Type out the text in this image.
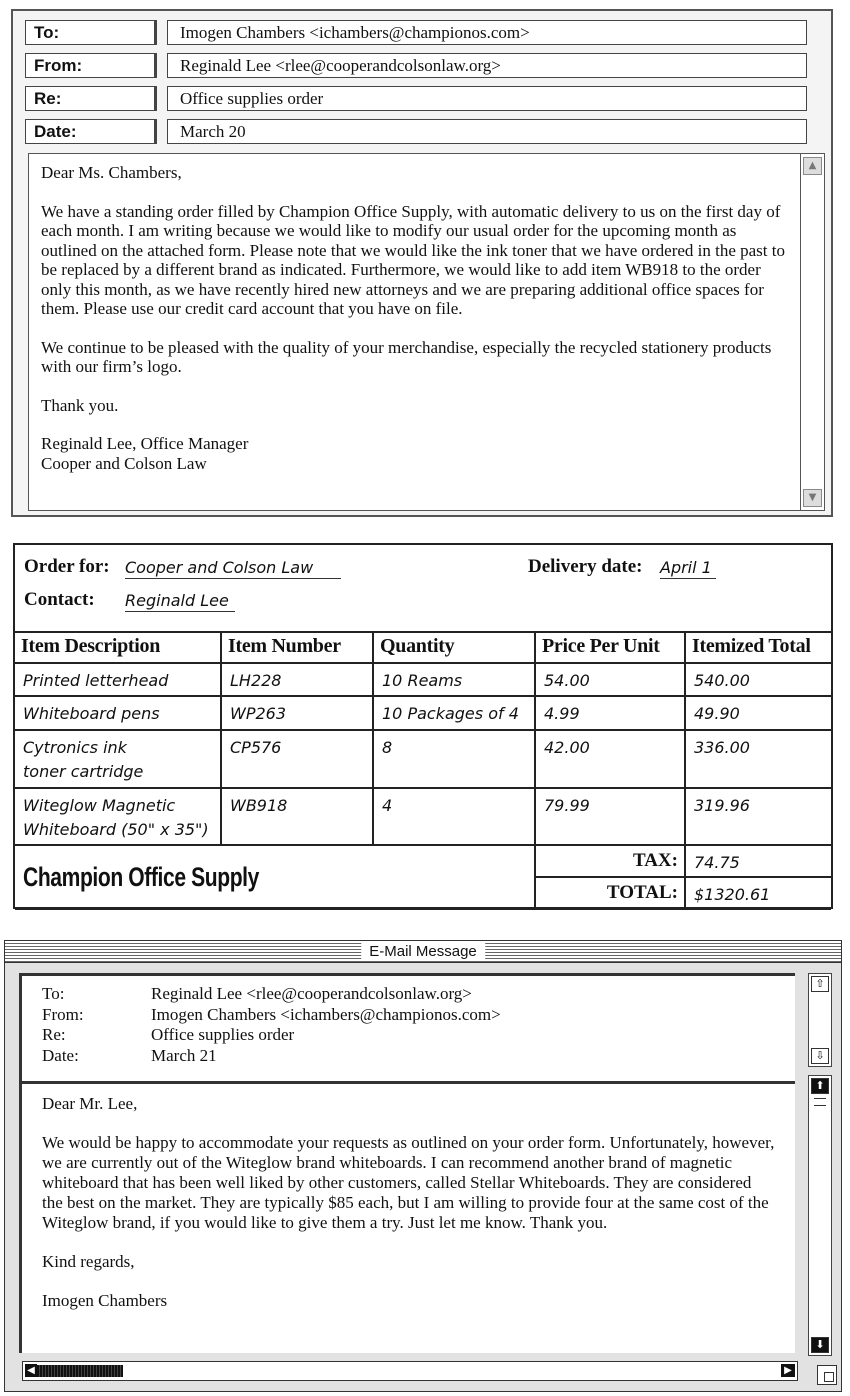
To:	Imogen Chambers <ichambers@championos.com>
From:	Reginald Lee <rlee@cooperandcolsonlaw.org>
Re:	Office supplies order
Date:	March 20

Dear Ms. Chambers,

We have a standing order filled by Champion Office Supply, with automatic delivery to us on the first day of each month. I am writing because we would like to modify our usual order for the upcoming month as outlined on the attached form. Please note that we would like the ink toner that we have ordered in the past to be replaced by a different brand as indicated. Furthermore, we would like to add item WB918 to the order only this month, as we have recently hired new attorneys and we are preparing additional office spaces for them. Please use our credit card account that you have on file.

We continue to be pleased with the quality of your merchandise, especially the recycled stationery products with our firm’s logo.

Thank you.

Reginald Lee, Office Manager
Cooper and Colson Law
▲
▼
Order for: Cooper and Colson Law	Delivery date: April 1
Contact: Reginald Lee
Item Description	Item Number	Quantity	Price Per Unit	Itemized Total
Printed letterhead	LH228	10 Reams	54.00	540.00
Whiteboard pens	WP263	10 Packages of 4	4.99	49.90

Cytronics ink
toner cartridge	CP576	8	42.00	336.00

Witeglow Magnetic
Whiteboard (50" x 35")	WB918	4	79.99	319.96
Champion Office Supply			TAX:	74.75
			TOTAL:	$1320.61
E-Mail Message
To:	Reginald Lee <rlee@cooperandcolsonlaw.org>
From:	Imogen Chambers <ichambers@championos.com>
Re:	Office supplies order
Date:	March 21
⇧
⇩

Dear Mr. Lee,

We would be happy to accommodate your requests as outlined on your order form. Unfortunately, however, we are currently out of the Witeglow brand whiteboards. I can recommend another brand of magnetic whiteboard that has been well liked by other customers, called Stellar Whiteboards. They are considered the best on the market. They are typically $85 each, but I am willing to provide four at the same cost of the Witeglow brand, if you would like to give them a try. Just let me know. Thank you.

Kind regards,

Imogen Chambers

⬆
⬇
◀	▶
